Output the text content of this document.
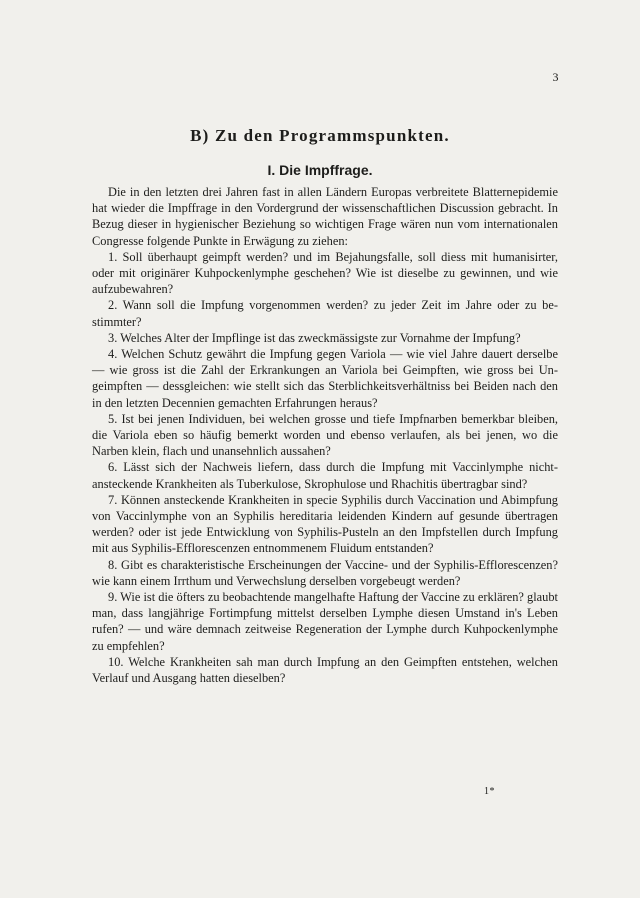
3
B) Zu den Programmspunkten.
I. Die Impffrage.

Die in den letzten drei Jahren fast in allen Ländern Europas verbreitete Blatternepidemie hat wieder die Impffrage in den Vordergrund der wissenschaftlichen Discussion gebracht. In Bezug dieser in hygienischer Beziehung so wichtigen Frage wären nun vom internationalen Congresse folgende Punkte in Erwägung zu ziehen:

1. Soll überhaupt geimpft werden? und im Bejahungsfalle, soll diess mit humanisirter, oder mit originärer Kuhpockenlymphe geschehen? Wie ist dieselbe zu gewinnen, und wie aufzubewahren?

2. Wann soll die Impfung vorgenommen werden? zu jeder Zeit im Jahre oder zu bestimmter?

3. Welches Alter der Impflinge ist das zweckmässigste zur Vornahme der Impfung?

4. Welchen Schutz gewährt die Impfung gegen Variola — wie viel Jahre dauert derselbe — wie gross ist die Zahl der Erkrankungen an Variola bei Geimpften, wie gross bei Ungeimpften — dessgleichen: wie stellt sich das Sterblichkeitsverhältniss bei Beiden nach den in den letzten Decennien gemachten Erfahrungen heraus?

5. Ist bei jenen Individuen, bei welchen grosse und tiefe Impfnarben bemerkbar bleiben, die Variola eben so häufig bemerkt worden und ebenso verlaufen, als bei jenen, wo die Narben klein, flach und unansehnlich aussahen?

6. Lässt sich der Nachweis liefern, dass durch die Impfung mit Vaccinlymphe nichtansteckende Krankheiten als Tuberkulose, Skrophulose und Rhachitis übertragbar sind?

7. Können ansteckende Krankheiten in specie Syphilis durch Vaccination und Abimpfung von Vaccinlymphe von an Syphilis hereditaria leidenden Kindern auf gesunde übertragen werden? oder ist jede Entwicklung von Syphilis-Pusteln an den Impfstellen durch Impfung mit aus Syphilis-Efflorescenzen entnommenem Fluidum entstanden?

8. Gibt es charakteristische Erscheinungen der Vaccine- und der Syphilis-Efflorescenzen? wie kann einem Irrthum und Verwechslung derselben vorgebeugt werden?

9. Wie ist die öfters zu beobachtende mangelhafte Haftung der Vaccine zu erklären? glaubt man, dass langjährige Fortimpfung mittelst derselben Lymphe diesen Umstand in's Leben rufen? — und wäre demnach zeitweise Regeneration der Lymphe durch Kuhpockenlymphe zu empfehlen?

10. Welche Krankheiten sah man durch Impfung an den Geimpften entstehen, welchen Verlauf und Ausgang hatten dieselben?

1*
